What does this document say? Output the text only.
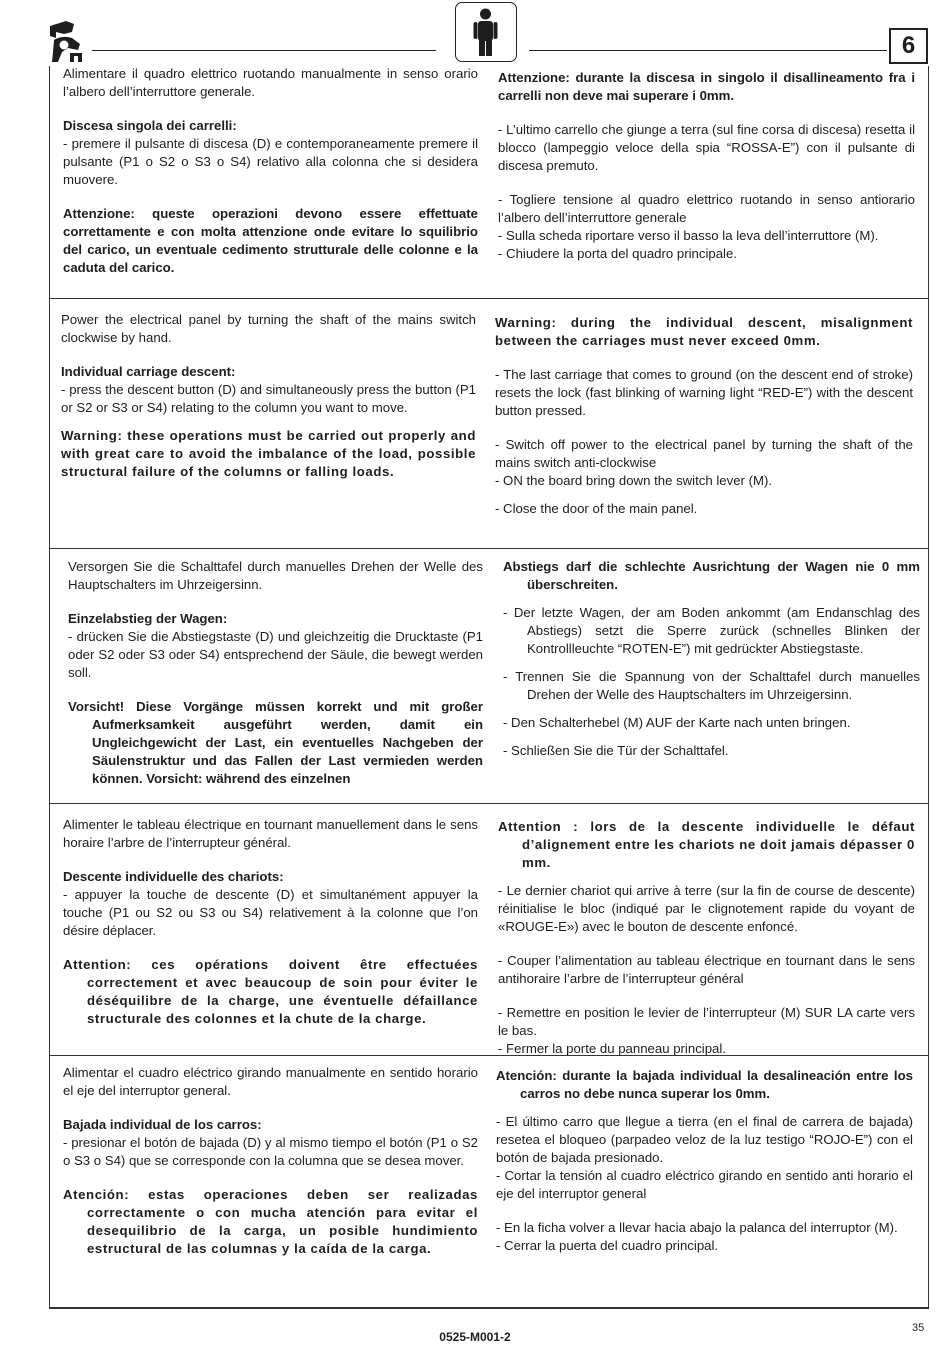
6

Alimentare il quadro elettrico ruotando manualmente in senso orario l’albero dell’interruttore generale.

Discesa singola dei carrelli:

- premere il pulsante di discesa (D) e contemporaneamente premere il pulsante (P1 o S2 o S3 o S4) relativo alla colonna che si desidera muovere.

Attenzione: queste operazioni devono essere effettuate correttamente e con molta attenzione onde evitare lo squilibrio del carico, un eventuale cedimento strutturale delle colonne e la caduta del carico.

Attenzione: durante la discesa in singolo il disallineamento fra i carrelli non deve mai superare i 0mm.

- L’ultimo carrello che giunge a terra (sul fine corsa di discesa) resetta il blocco (lampeggio veloce della spia “ROSSA-E”) con il pulsante di discesa premuto.

- Togliere tensione al quadro elettrico ruotando in senso antiorario l’albero dell’interruttore generale

- Sulla scheda riportare verso il basso la leva dell’interruttore (M).

- Chiudere la porta del quadro principale.

Power the electrical panel by turning the shaft of the mains switch clockwise by hand.

Individual carriage descent:

- press the descent button (D) and simultaneously press the button (P1 or S2 or S3 or S4) relating to the column you want to move.

Warning: these operations must be carried out properly and with great care to avoid the imbalance of the load, possible structural failure of the columns or falling loads.

Warning: during the individual descent, misalignment between the carriages must never exceed 0mm.

- The last carriage that comes to ground (on the descent end of stroke) resets the lock (fast blinking of warning light “RED-E”) with the descent button pressed.

- Switch off power to the electrical panel by turning the shaft of the mains switch anti-clockwise

- ON the board bring down the switch lever (M).

- Close the door of the main panel.

Versorgen Sie die Schalttafel durch manuelles Drehen der Welle des Hauptschalters im Uhrzeigersinn.

Einzelabstieg der Wagen:

- drücken Sie die Abstiegstaste (D) und gleichzeitig die Drucktaste (P1 oder S2 oder S3 oder S4) entsprechend der Säule, die bewegt werden soll.

Vorsicht! Diese Vorgänge müssen korrekt und mit großer Aufmerksamkeit ausgeführt werden, damit ein Ungleichgewicht der Last, ein eventuelles Nachgeben der Säulenstruktur und das Fallen der Last vermieden werden können. Vorsicht: während des einzelnen

Abstiegs darf die schlechte Ausrichtung der Wagen nie 0 mm überschreiten.

- Der letzte Wagen, der am Boden ankommt (am Endanschlag des Abstiegs) setzt die Sperre zurück (schnelles Blinken der Kontrollleuchte “ROTEN-E”) mit gedrückter Abstiegstaste.

- Trennen Sie die Spannung von der Schalttafel durch manuelles Drehen der Welle des Hauptschalters im Uhrzeigersinn.

- Den Schalterhebel (M) AUF der Karte nach unten bringen.

- Schließen Sie die Tür der Schalttafel.

Alimenter le tableau électrique en tournant manuellement dans le sens horaire l’arbre de l’interrupteur général.

Descente individuelle des chariots:

- appuyer la touche de descente (D) et simultanément appuyer la touche (P1 ou S2 ou S3 ou S4) relativement à la colonne que l’on désire déplacer.

Attention: ces opérations doivent être effectuées correctement et avec beaucoup de soin pour éviter le déséquilibre de la charge, une éventuelle défaillance structurale des colonnes et la chute de la charge.

Attention : lors de la descente individuelle le défaut d’alignement entre les chariots ne doit jamais dépasser 0 mm.

- Le dernier chariot qui arrive à terre (sur la fin de course de descente) réinitialise le bloc (indiqué par le clignotement rapide du voyant de «ROUGE-E») avec le bouton de descente enfoncé.

- Couper l’alimentation au tableau électrique en tournant dans le sens antihoraire l’arbre de l’interrupteur général

- Remettre en position le levier de l’interrupteur (M) SUR LA carte vers le bas.

- Fermer la porte du panneau principal.

Alimentar el cuadro eléctrico girando manualmente en sentido horario el eje del interruptor general.

Bajada individual de los carros:

- presionar el botón de bajada (D) y al mismo tiempo el botón (P1 o S2 o S3 o S4) que se corresponde con la columna que se desea mover.

Atención: estas operaciones deben ser realizadas correctamente o con mucha atención para evitar el desequilibrio de la carga, un posible hundimiento estructural de las columnas y la caída de la carga.

Atención: durante la bajada individual la desalineación entre los carros no debe nunca superar los 0mm.

- El último carro que llegue a tierra (en el final de carrera de bajada) resetea el bloqueo (parpadeo veloz de la luz testigo “ROJO-E”) con el botón de bajada presionado.

- Cortar la tensión al cuadro eléctrico girando en sentido anti horario el eje del interruptor general

- En la ficha volver a llevar hacia abajo la palanca del interruptor (M).

- Cerrar la puerta del cuadro principal.

35
0525-M001-2
